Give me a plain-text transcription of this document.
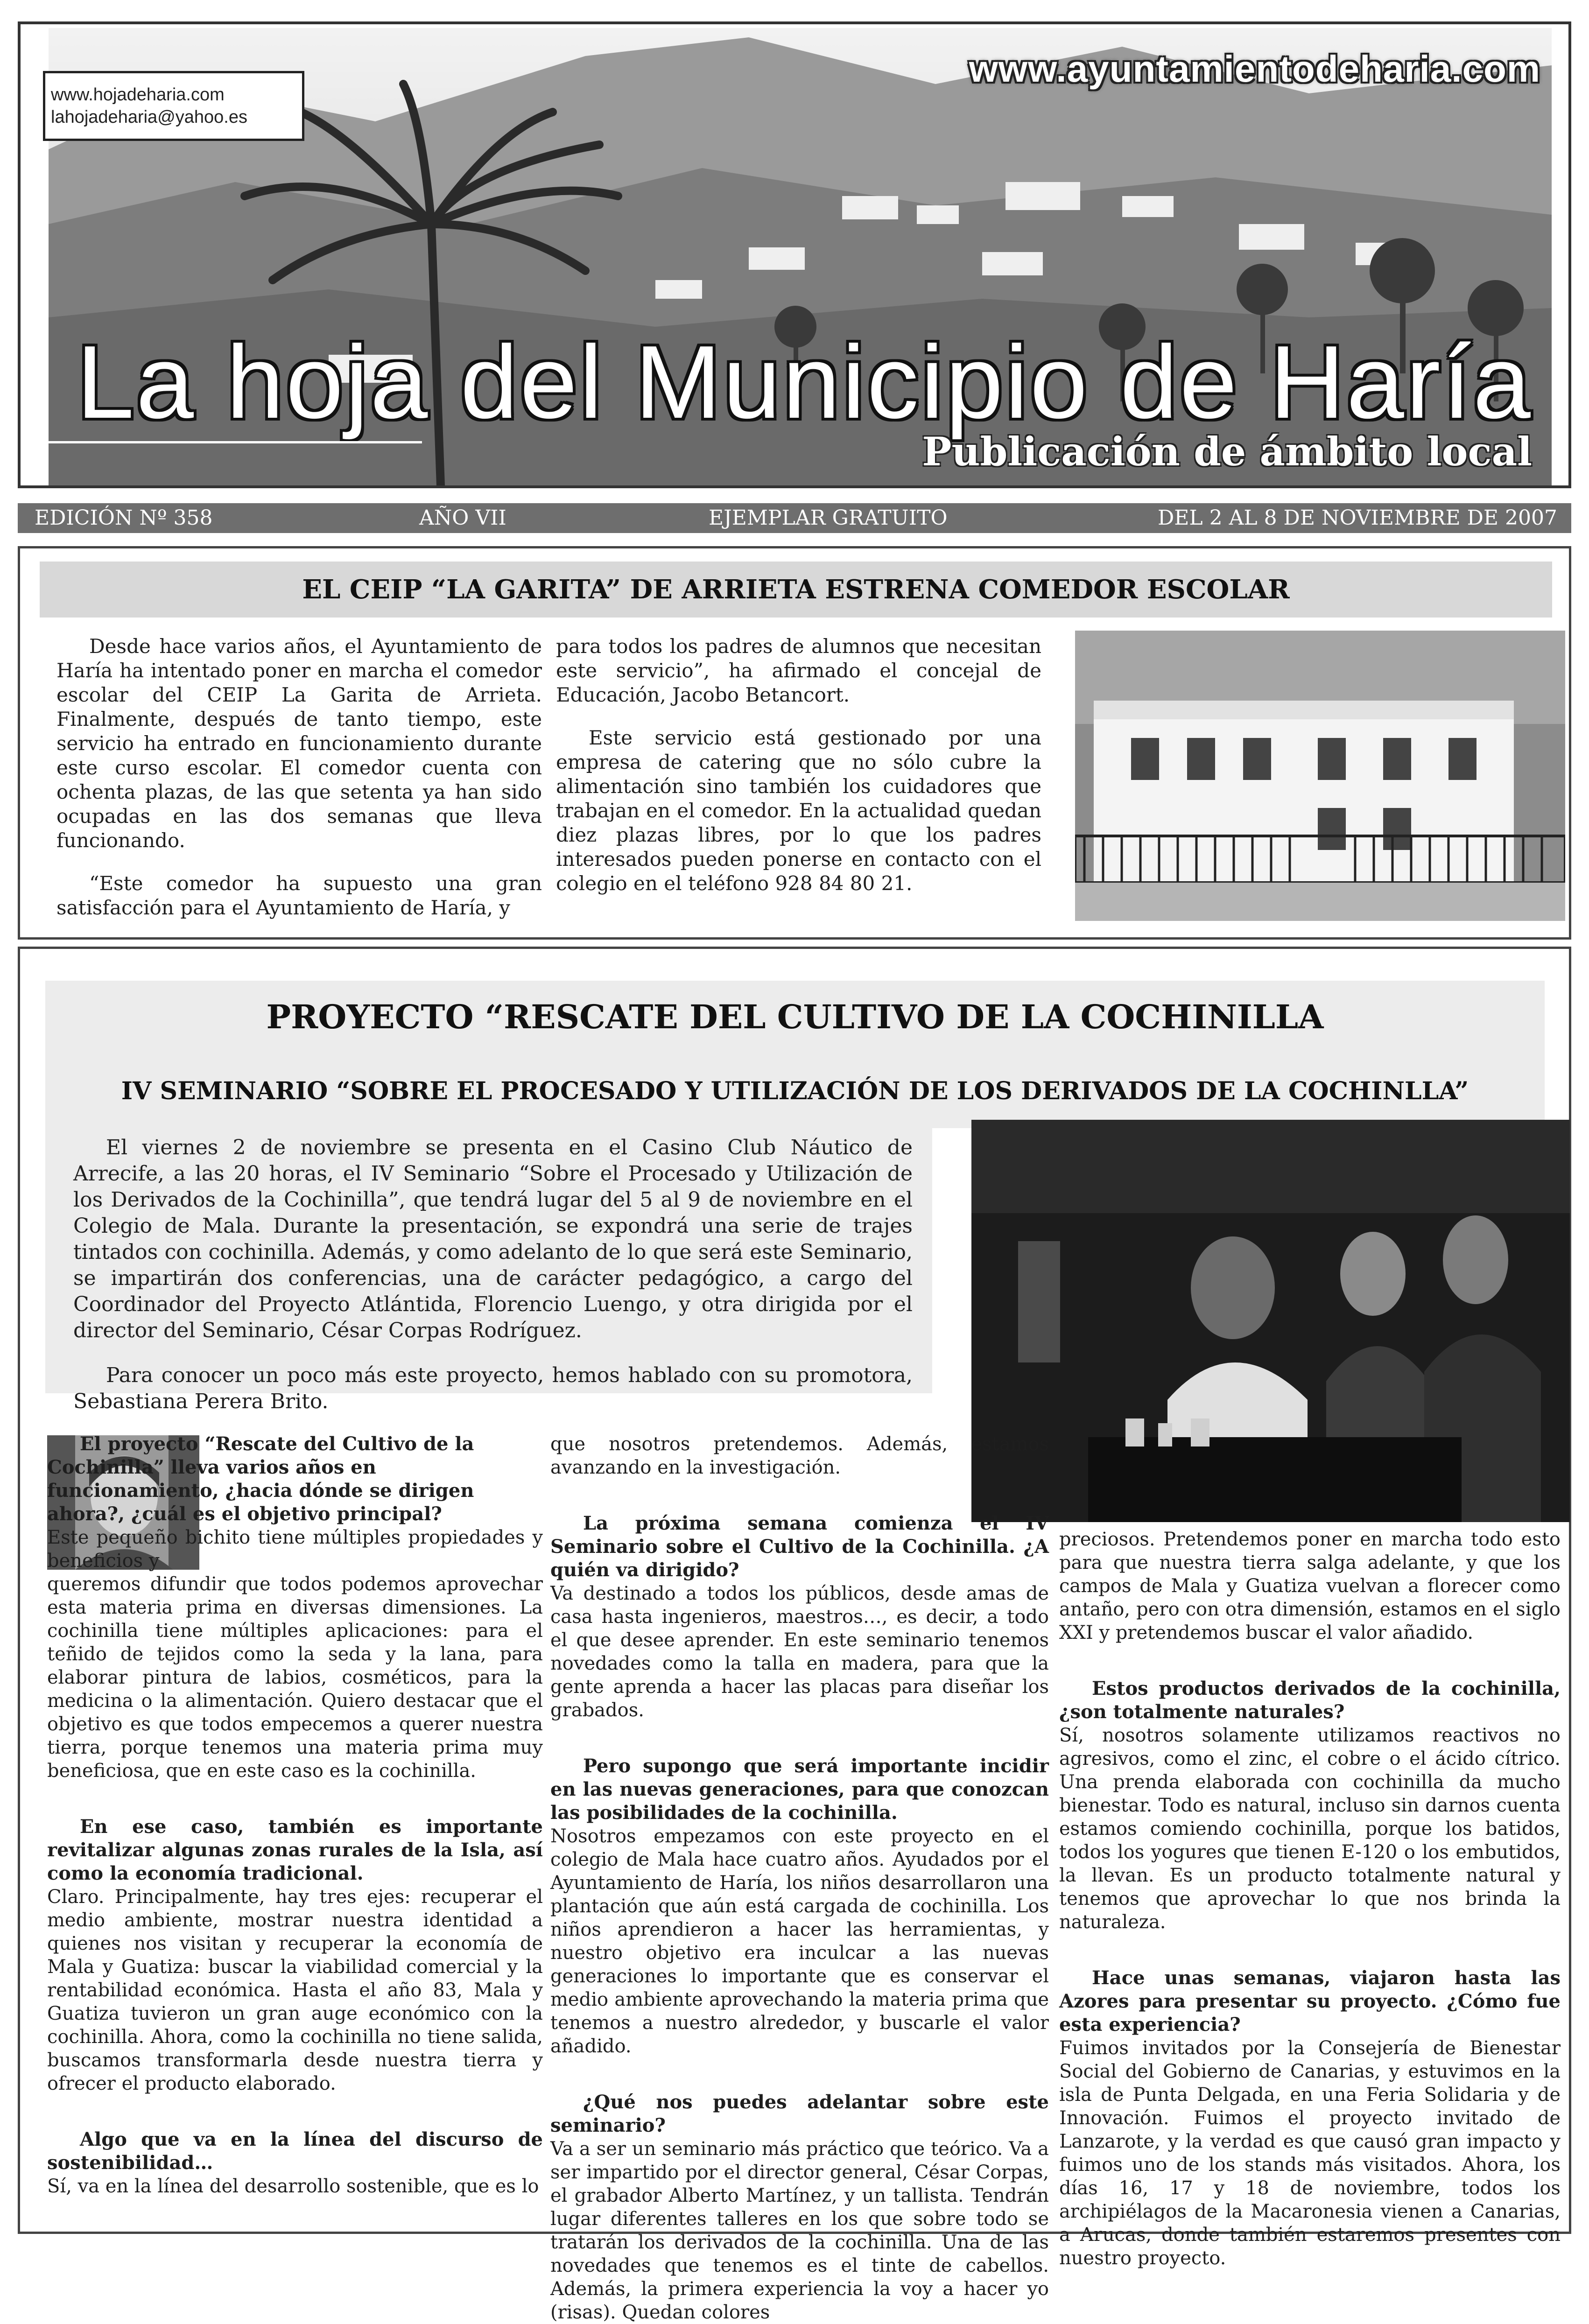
www.hojadeharia.com
lahojadeharia@yahoo.es
www.ayuntamientodeharia.com
La hoja del Municipio de Haría
Publicación de ámbito local
EDICIÓN Nº 358	AÑO VII	EJEMPLAR GRATUITO	DEL 2 AL 8 DE NOVIEMBRE DE 2007
EL CEIP “LA GARITA” DE ARRIETA ESTRENA COMEDOR ESCOLAR

Desde hace varios años, el Ayuntamiento de Haría ha intentado poner en marcha el comedor escolar del CEIP La Garita de Arrieta. Finalmente, después de tanto tiempo, este servicio ha entrado en funcionamiento durante este curso escolar. El comedor cuenta con ochenta plazas, de las que setenta ya han sido ocupadas en las dos semanas que lleva funcionando.

“Este comedor ha supuesto una gran satisfacción para el Ayuntamiento de Haría, y

para todos los padres de alumnos que necesitan este servicio”, ha afirmado el concejal de Educación, Jacobo Betancort.

Este servicio está gestionado por una empresa de catering que no sólo cubre la alimentación sino también los cuidadores que trabajan en el comedor. En la actualidad quedan diez plazas libres, por lo que los padres interesados pueden ponerse en contacto con el colegio en el teléfono 928 84 80 21.

PROYECTO “RESCATE DEL CULTIVO DE LA COCHINILLA
IV SEMINARIO “SOBRE EL PROCESADO Y UTILIZACIÓN DE LOS DERIVADOS DE LA COCHINLLA”

El viernes 2 de noviembre se presenta en el Casino Club Náutico de Arrecife, a las 20 horas, el IV Seminario “Sobre el Procesado y Utilización de los Derivados de la Cochinilla”, que tendrá lugar del 5 al 9 de noviembre en el Colegio de Mala. Durante la presentación, se expondrá una serie de trajes tintados con cochinilla. Además, y como adelanto de lo que será este Seminario, se impartirán dos conferencias, una de carácter pedagógico, a cargo del Coordinador del Proyecto Atlántida, Florencio Luengo, y otra dirigida por el director del Seminario, César Corpas Rodríguez.

Para conocer un poco más este proyecto, hemos hablado con su promotora, Sebastiana Perera Brito.

El proyecto “Rescate del Cultivo de la Cochinilla” lleva varios años en funcionamiento, ¿hacia dónde se dirigen ahora?, ¿cuál es el objetivo principal?

Este pequeño bichito tiene múltiples propiedades y beneficios y

queremos difundir que todos podemos aprovechar esta materia prima en diversas dimensiones. La cochinilla tiene múltiples aplicaciones: para el teñido de tejidos como la seda y la lana, para elaborar pintura de labios, cosméticos, para la medicina o la alimentación. Quiero destacar que el objetivo es que todos empecemos a querer nuestra tierra, porque tenemos una materia prima muy beneficiosa, que en este caso es la cochinilla.

En ese caso, también es importante revitalizar algunas zonas rurales de la Isla, así como la economía tradicional.

Claro. Principalmente, hay tres ejes: recuperar el medio ambiente, mostrar nuestra identidad a quienes nos visitan y recuperar la economía de Mala y Guatiza: buscar la viabilidad comercial y la rentabilidad económica. Hasta el año 83, Mala y Guatiza tuvieron un gran auge económico con la cochinilla. Ahora, como la cochinilla no tiene salida, buscamos transformarla desde nuestra tierra y ofrecer el producto elaborado.

Algo que va en la línea del discurso de sostenibilidad…

Sí, va en la línea del desarrollo sostenible, que es lo

que nosotros pretendemos. Además, estamos avanzando en la investigación.

La próxima semana comienza el IV Seminario sobre el Cultivo de la Cochinilla. ¿A quién va dirigido?

Va destinado a todos los públicos, desde amas de casa hasta ingenieros, maestros…, es decir, a todo el que desee aprender. En este seminario tenemos novedades como la talla en madera, para que la gente aprenda a hacer las placas para diseñar los grabados.

Pero supongo que será importante incidir en las nuevas generaciones, para que conozcan las posibilidades de la cochinilla.

Nosotros empezamos con este proyecto en el colegio de Mala hace cuatro años. Ayudados por el Ayuntamiento de Haría, los niños desarrollaron una plantación que aún está cargada de cochinilla. Los niños aprendieron a hacer las herramientas, y nuestro objetivo era inculcar a las nuevas generaciones lo importante que es conservar el medio ambiente aprovechando la materia prima que tenemos a nuestro alrededor, y buscarle el valor añadido.

¿Qué nos puedes adelantar sobre este seminario?

Va a ser un seminario más práctico que teórico. Va a ser impartido por el director general, César Corpas, el grabador Alberto Martínez, y un tallista. Tendrán lugar diferentes talleres en los que sobre todo se tratarán los derivados de la cochinilla. Una de las novedades que tenemos es el tinte de cabellos. Además, la primera experiencia la voy a hacer yo (risas). Quedan colores

preciosos. Pretendemos poner en marcha todo esto para que nuestra tierra salga adelante, y que los campos de Mala y Guatiza vuelvan a florecer como antaño, pero con otra dimensión, estamos en el siglo XXI y pretendemos buscar el valor añadido.

Estos productos derivados de la cochinilla, ¿son totalmente naturales?

Sí, nosotros solamente utilizamos reactivos no agresivos, como el zinc, el cobre o el ácido cítrico. Una prenda elaborada con cochinilla da mucho bienestar. Todo es natural, incluso sin darnos cuenta estamos comiendo cochinilla, porque los batidos, todos los yogures que tienen E-120 o los embutidos, la llevan. Es un producto totalmente natural y tenemos que aprovechar lo que nos brinda la naturaleza.

Hace unas semanas, viajaron hasta las Azores para presentar su proyecto. ¿Cómo fue esta experiencia?

Fuimos invitados por la Consejería de Bienestar Social del Gobierno de Canarias, y estuvimos en la isla de Punta Delgada, en una Feria Solidaria y de Innovación. Fuimos el proyecto invitado de Lanzarote, y la verdad es que causó gran impacto y fuimos uno de los stands más visitados. Ahora, los días 16, 17 y 18 de noviembre, todos los archipiélagos de la Macaronesia vienen a Canarias, a Arucas, donde también estaremos presentes con nuestro proyecto.
